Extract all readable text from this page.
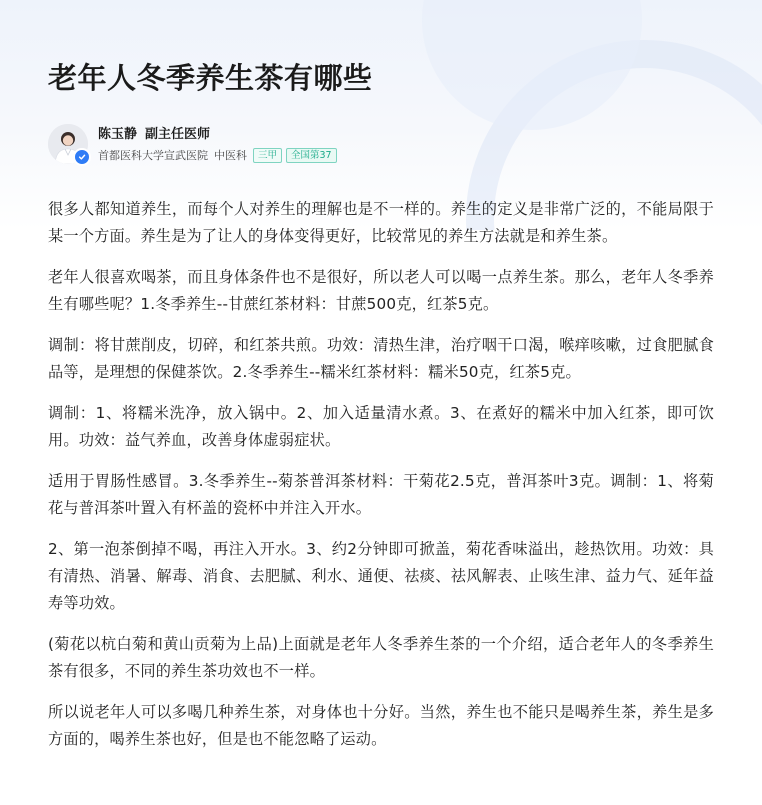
老年人冬季养生茶有哪些
陈玉静 副主任医师
首都医科大学宣武医院 中医科	三甲	全国第37

很多人都知道养生，而每个人对养生的理解也是不一样的。养生的定义是非常广泛的，不能局限于某一个方面。养生是为了让人的身体变得更好，比较常见的养生方法就是和养生茶。

老年人很喜欢喝茶，而且身体条件也不是很好，所以老人可以喝一点养生茶。那么，老年人冬季养生有哪些呢？1.冬季养生--甘蔗红茶材料：甘蔗500克，红茶5克。

调制：将甘蔗削皮，切碎，和红茶共煎。功效：清热生津，治疗咽干口渴，喉痒咳嗽，过食肥腻食品等，是理想的保健茶饮。2.冬季养生--糯米红茶材料：糯米50克，红茶5克。

调制：1、将糯米洗净，放入锅中。2、加入适量清水煮。3、在煮好的糯米中加入红茶，即可饮用。功效：益气养血，改善身体虚弱症状。

适用于胃肠性感冒。3.冬季养生--菊茶普洱茶材料：干菊花2.5克，普洱茶叶3克。调制：1、将菊花与普洱茶叶置入有杯盖的瓷杯中并注入开水。

2、第一泡茶倒掉不喝，再注入开水。3、约2分钟即可掀盖，菊花香味溢出，趁热饮用。功效：具有清热、消暑、解毒、消食、去肥腻、利水、通便、祛痰、祛风解表、止咳生津、益力气、延年益寿等功效。

(菊花以杭白菊和黄山贡菊为上品)上面就是老年人冬季养生茶的一个介绍，适合老年人的冬季养生茶有很多，不同的养生茶功效也不一样。

所以说老年人可以多喝几种养生茶，对身体也十分好。当然，养生也不能只是喝养生茶，养生是多方面的，喝养生茶也好，但是也不能忽略了运动。
